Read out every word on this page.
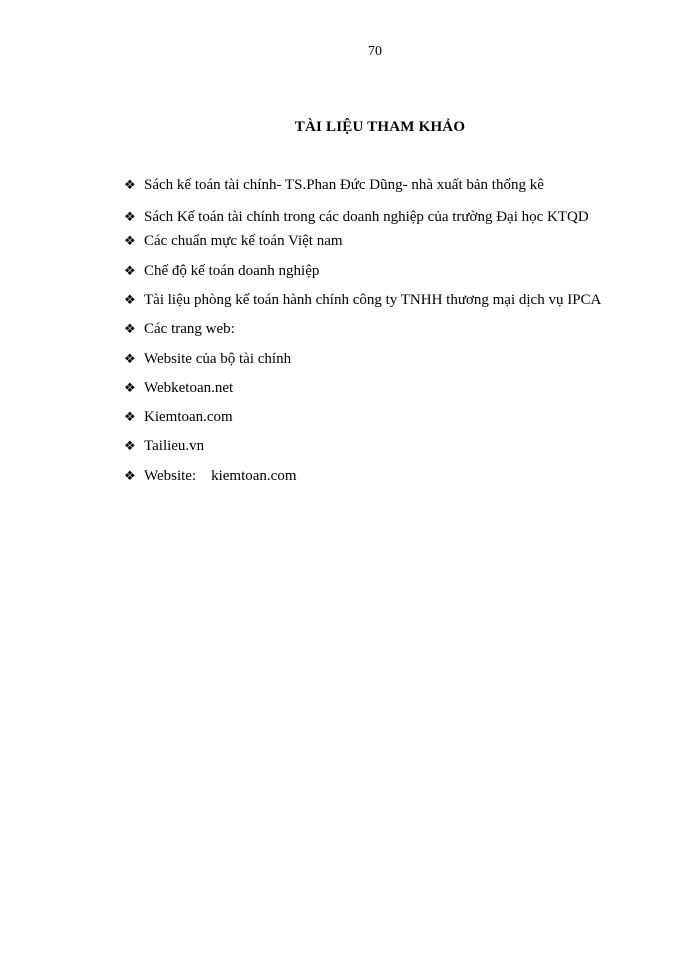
70
TÀI LIỆU THAM KHẢO
❖ Sách kế toán tài chính- TS.Phan Đức Dũng- nhà xuất bản thống kê
❖ Sách Kế toán tài chính trong các doanh nghiệp của trường Đại học KTQD
❖ Các chuẩn mực kế toán Việt nam
❖ Chế độ kế toán doanh nghiệp
❖ Tài liệu phòng kế toán hành chính công ty TNHH thương mại dịch vụ IPCA
❖ Các trang web:
❖ Website của bộ tài chính
❖ Webketoan.net
❖ Kiemtoan.com
❖ Tailieu.vn
❖ Website:    kiemtoan.com
